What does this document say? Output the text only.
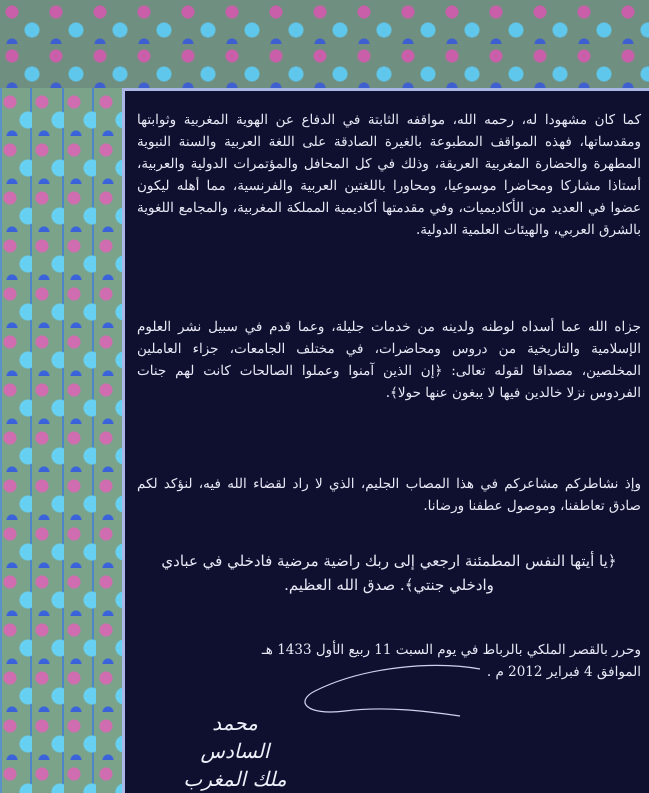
كما كان مشهودا له، رحمه الله، مواقفه الثابتة في الدفاع عن الهوية المغربية وثوابتها ومقدساتها، فهذه المواقف المطبوعة بالغيرة الصادقة على اللغة العربية والسنة النبوية المطهرة والحضارة المغربية العريقة، وذلك في كل المحافل والمؤتمرات الدولية والعربية، أستاذا مشاركا ومحاضرا موسوعيا، ومحاورا باللغتين العربية والفرنسية، مما أهله ليكون عضوا في العديد من الأكاديميات، وفي مقدمتها أكاديمية المملكة المغربية، والمجامع اللغوية بالشرق العربي، والهيئات العلمية الدولية.
جزاه الله عما أسداه لوطنه ولدينه من خدمات جليلة، وعما قدم في سبيل نشر العلوم الإسلامية والتاريخية من دروس ومحاضرات، في مختلف الجامعات، جزاء العاملين المخلصين، مصداقا لقوله تعالى: ﴿إن الذين آمنوا وعملوا الصالحات كانت لهم جنات الفردوس نزلا خالدين فيها لا يبغون عنها حولا﴾.
وإذ نشاطركم مشاعركم في هذا المصاب الجليم، الذي لا راد لقضاء الله فيه، لنؤكد لكم صادق تعاطفنا، وموصول عطفنا ورضانا.
﴿يا أيتها النفس المطمئنة ارجعي إلى ربك راضية مرضية فادخلي في عبادي وادخلي جنتي﴾. صدق الله العظيم.
وحرر بالقصر الملكي بالرباط في يوم السبت 11 ربيع الأول 1433 هـ
الموافق 4 فبراير 2012 م .
محمد السادس
ملك المغرب
